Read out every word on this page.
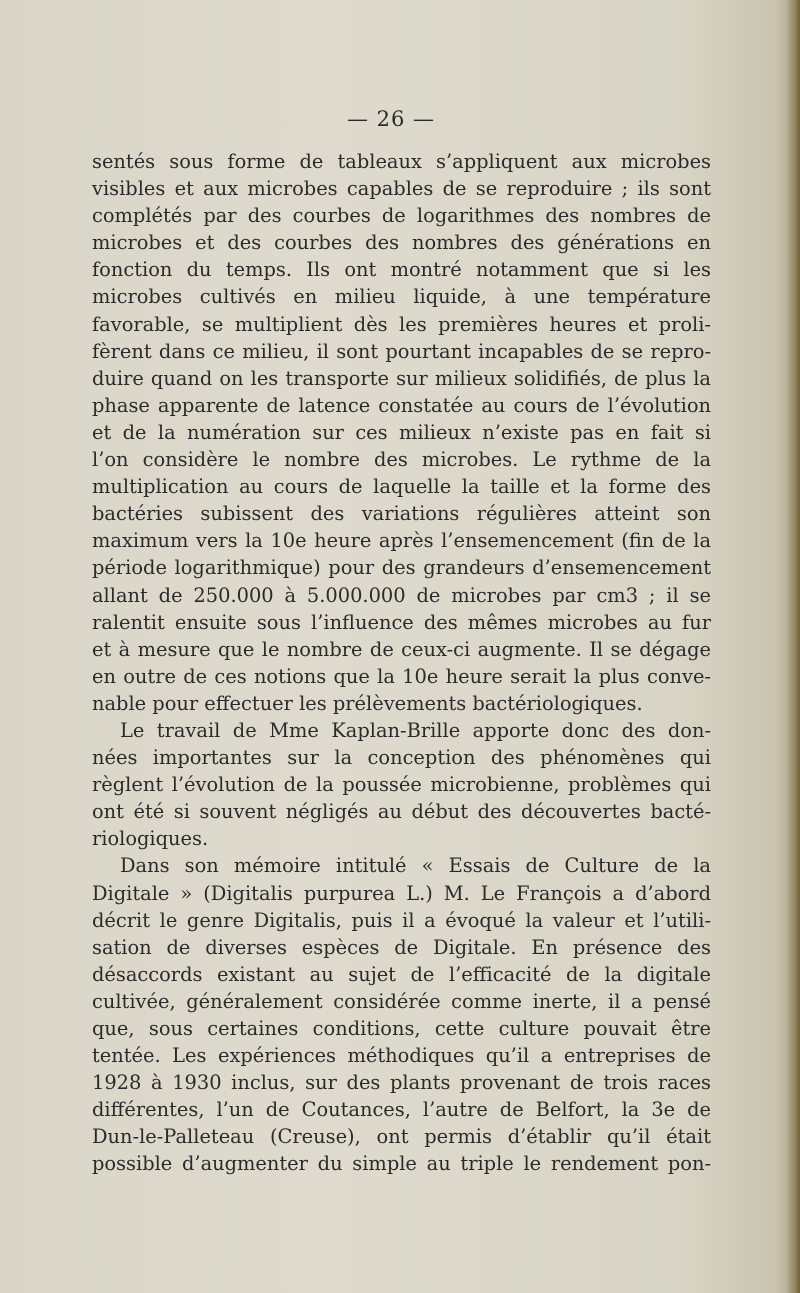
— 26 —
sentés sous forme de tableaux s’appliquent aux microbes
visibles et aux microbes capables de se reproduire ; ils sont
complétés par des courbes de logarithmes des nombres de
microbes et des courbes des nombres des générations en
fonction du temps. Ils ont montré notamment que si les
microbes cultivés en milieu liquide, à une température
favorable, se multiplient dès les premières heures et proli-
fèrent dans ce milieu, il sont pourtant incapables de se repro-
duire quand on les transporte sur milieux solidifiés, de plus la
phase apparente de latence constatée au cours de l’évolution
et de la numération sur ces milieux n’existe pas en fait si
l’on considère le nombre des microbes. Le rythme de la
multiplication au cours de laquelle la taille et la forme des
bactéries subissent des variations régulières atteint son
maximum vers la 10e heure après l’ensemencement (fin de la
période logarithmique) pour des grandeurs d’ensemencement
allant de 250.000 à 5.000.000 de microbes par cm3 ; il se
ralentit ensuite sous l’influence des mêmes microbes au fur
et à mesure que le nombre de ceux-ci augmente. Il se dégage
en outre de ces notions que la 10e heure serait la plus conve-
nable pour effectuer les prélèvements bactériologiques.
Le travail de Mme Kaplan-Brille apporte donc des don-
nées importantes sur la conception des phénomènes qui
règlent l’évolution de la poussée microbienne, problèmes qui
ont été si souvent négligés au début des découvertes bacté-
riologiques.
Dans son mémoire intitulé « Essais de Culture de la
Digitale » (Digitalis purpurea L.) M. Le François a d’abord
décrit le genre Digitalis, puis il a évoqué la valeur et l’utili-
sation de diverses espèces de Digitale. En présence des
désaccords existant au sujet de l’efficacité de la digitale
cultivée, généralement considérée comme inerte, il a pensé
que, sous certaines conditions, cette culture pouvait être
tentée. Les expériences méthodiques qu’il a entreprises de
1928 à 1930 inclus, sur des plants provenant de trois races
différentes, l’un de Coutances, l’autre de Belfort, la 3e de
Dun-le-Palleteau (Creuse), ont permis d’établir qu’il était
possible d’augmenter du simple au triple le rendement pon-
